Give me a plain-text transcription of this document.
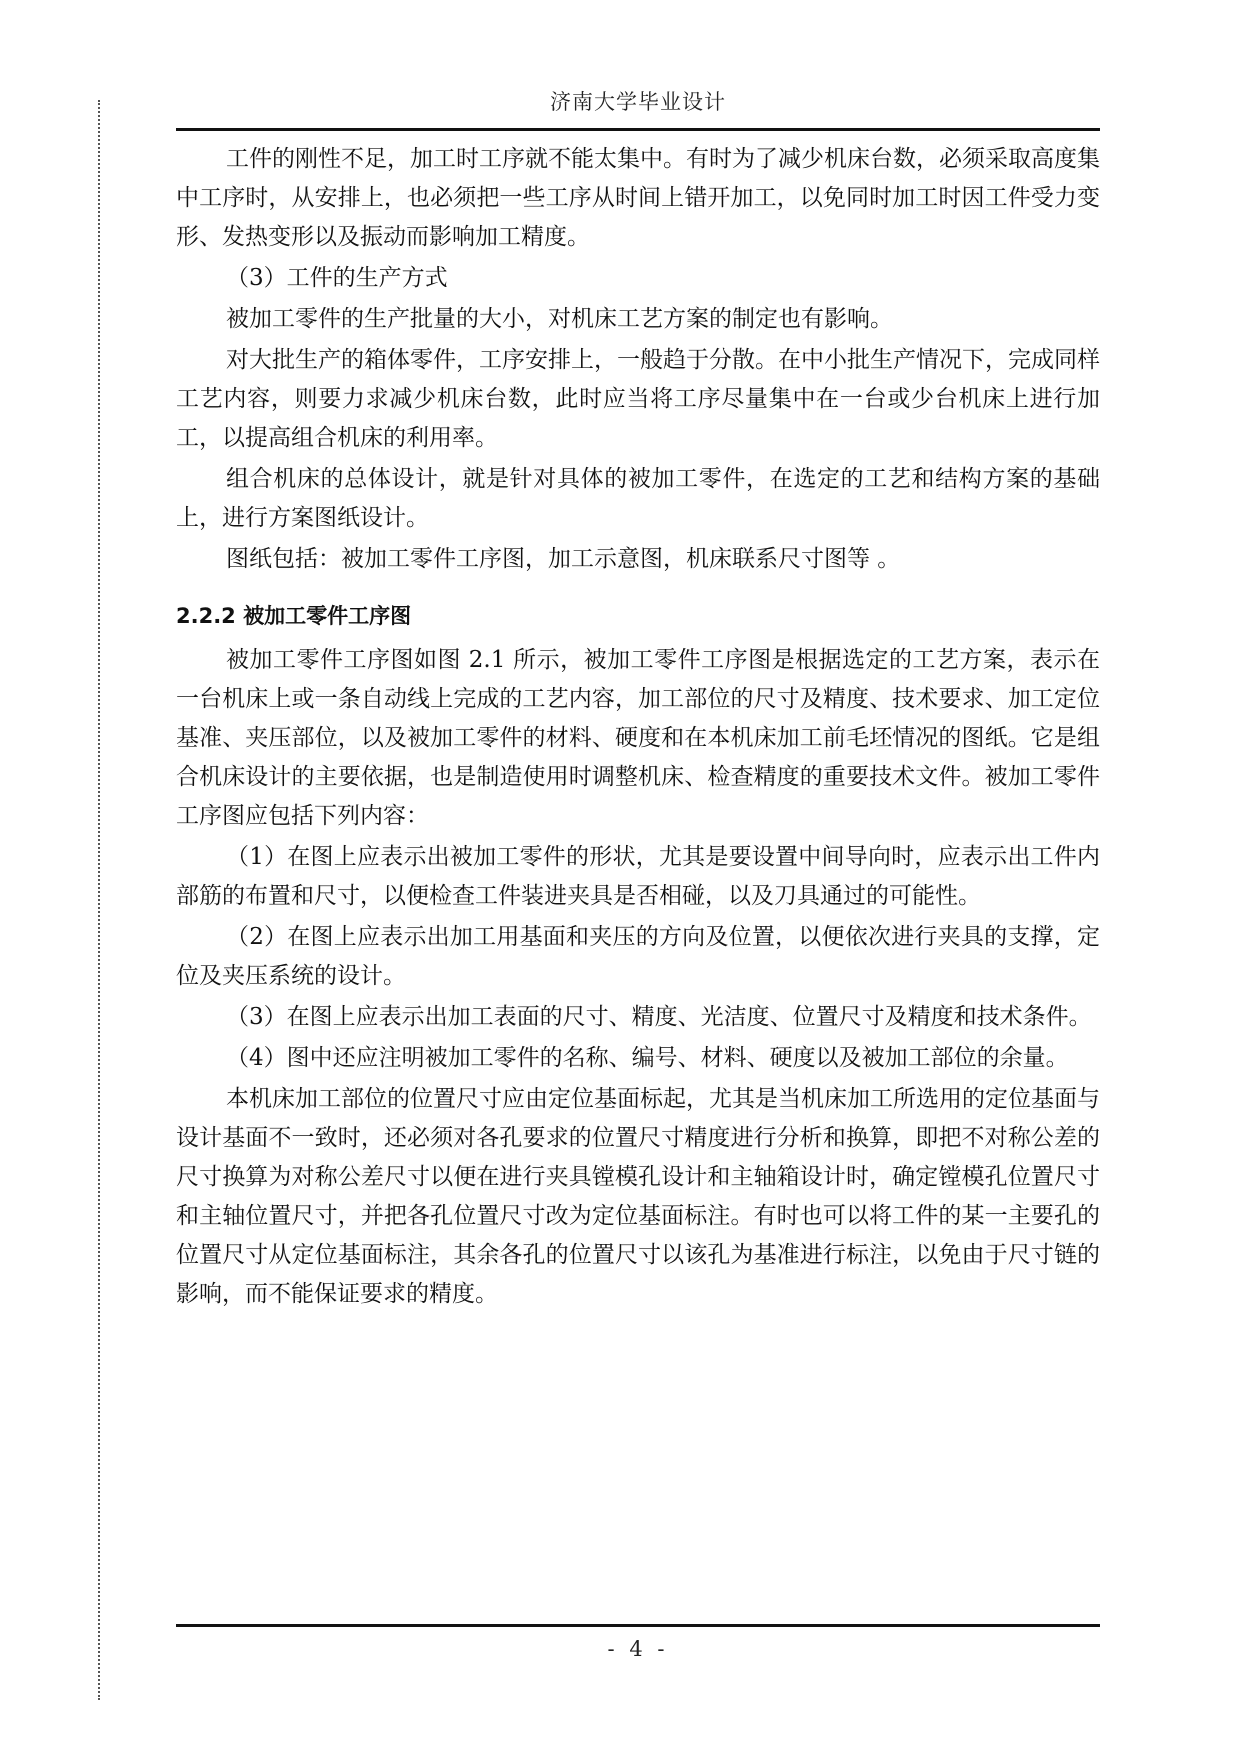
济南大学毕业设计

工件的刚性不足，加工时工序就不能太集中。有时为了减少机床台数，必须采取高度集中工序时，从安排上，也必须把一些工序从时间上错开加工，以免同时加工时因工件受力变形、发热变形以及振动而影响加工精度。

（3）工件的生产方式

被加工零件的生产批量的大小，对机床工艺方案的制定也有影响。

对大批生产的箱体零件，工序安排上，一般趋于分散。在中小批生产情况下，完成同样工艺内容，则要力求减少机床台数，此时应当将工序尽量集中在一台或少台机床上进行加工，以提高组合机床的利用率。

组合机床的总体设计，就是针对具体的被加工零件，在选定的工艺和结构方案的基础上，进行方案图纸设计。

图纸包括：被加工零件工序图，加工示意图，机床联系尺寸图等 。

2.2.2 被加工零件工序图

被加工零件工序图如图 2.1 所示，被加工零件工序图是根据选定的工艺方案，表示在一台机床上或一条自动线上完成的工艺内容，加工部位的尺寸及精度、技术要求、加工定位基准、夹压部位，以及被加工零件的材料、硬度和在本机床加工前毛坯情况的图纸。它是组合机床设计的主要依据，也是制造使用时调整机床、检查精度的重要技术文件。被加工零件工序图应包括下列内容：

（1）在图上应表示出被加工零件的形状，尤其是要设置中间导向时，应表示出工件内部筋的布置和尺寸，以便检查工件装进夹具是否相碰，以及刀具通过的可能性。

（2）在图上应表示出加工用基面和夹压的方向及位置，以便依次进行夹具的支撑，定位及夹压系统的设计。

（3）在图上应表示出加工表面的尺寸、精度、光洁度、位置尺寸及精度和技术条件。

（4）图中还应注明被加工零件的名称、编号、材料、硬度以及被加工部位的余量。

本机床加工部位的位置尺寸应由定位基面标起，尤其是当机床加工所选用的定位基面与设计基面不一致时，还必须对各孔要求的位置尺寸精度进行分析和换算，即把不对称公差的尺寸换算为对称公差尺寸以便在进行夹具镗模孔设计和主轴箱设计时，确定镗模孔位置尺寸和主轴位置尺寸，并把各孔位置尺寸改为定位基面标注。有时也可以将工件的某一主要孔的位置尺寸从定位基面标注，其余各孔的位置尺寸以该孔为基准进行标注，以免由于尺寸链的影响，而不能保证要求的精度。

- 4 -
